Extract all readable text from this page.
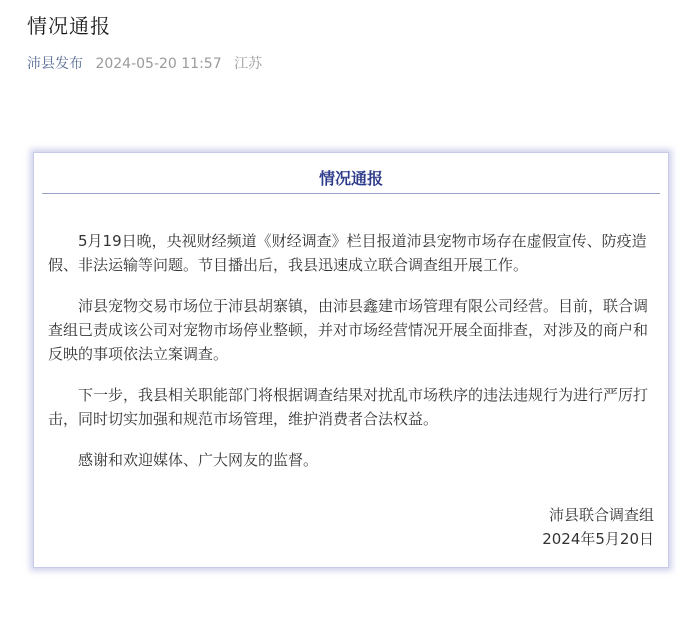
情况通报
沛县发布 2024-05-20 11:57 江苏
情况通报

5月19日晚，央视财经频道《财经调查》栏目报道沛县宠物市场存在虚假宣传、防疫造假、非法运输等问题。节目播出后，我县迅速成立联合调查组开展工作。

沛县宠物交易市场位于沛县胡寨镇，由沛县鑫建市场管理有限公司经营。目前，联合调查组已责成该公司对宠物市场停业整顿，并对市场经营情况开展全面排查，对涉及的商户和反映的事项依法立案调查。

下一步，我县相关职能部门将根据调查结果对扰乱市场秩序的违法违规行为进行严厉打击，同时切实加强和规范市场管理，维护消费者合法权益。

感谢和欢迎媒体、广大网友的监督。

沛县联合调查组
2024年5月20日
